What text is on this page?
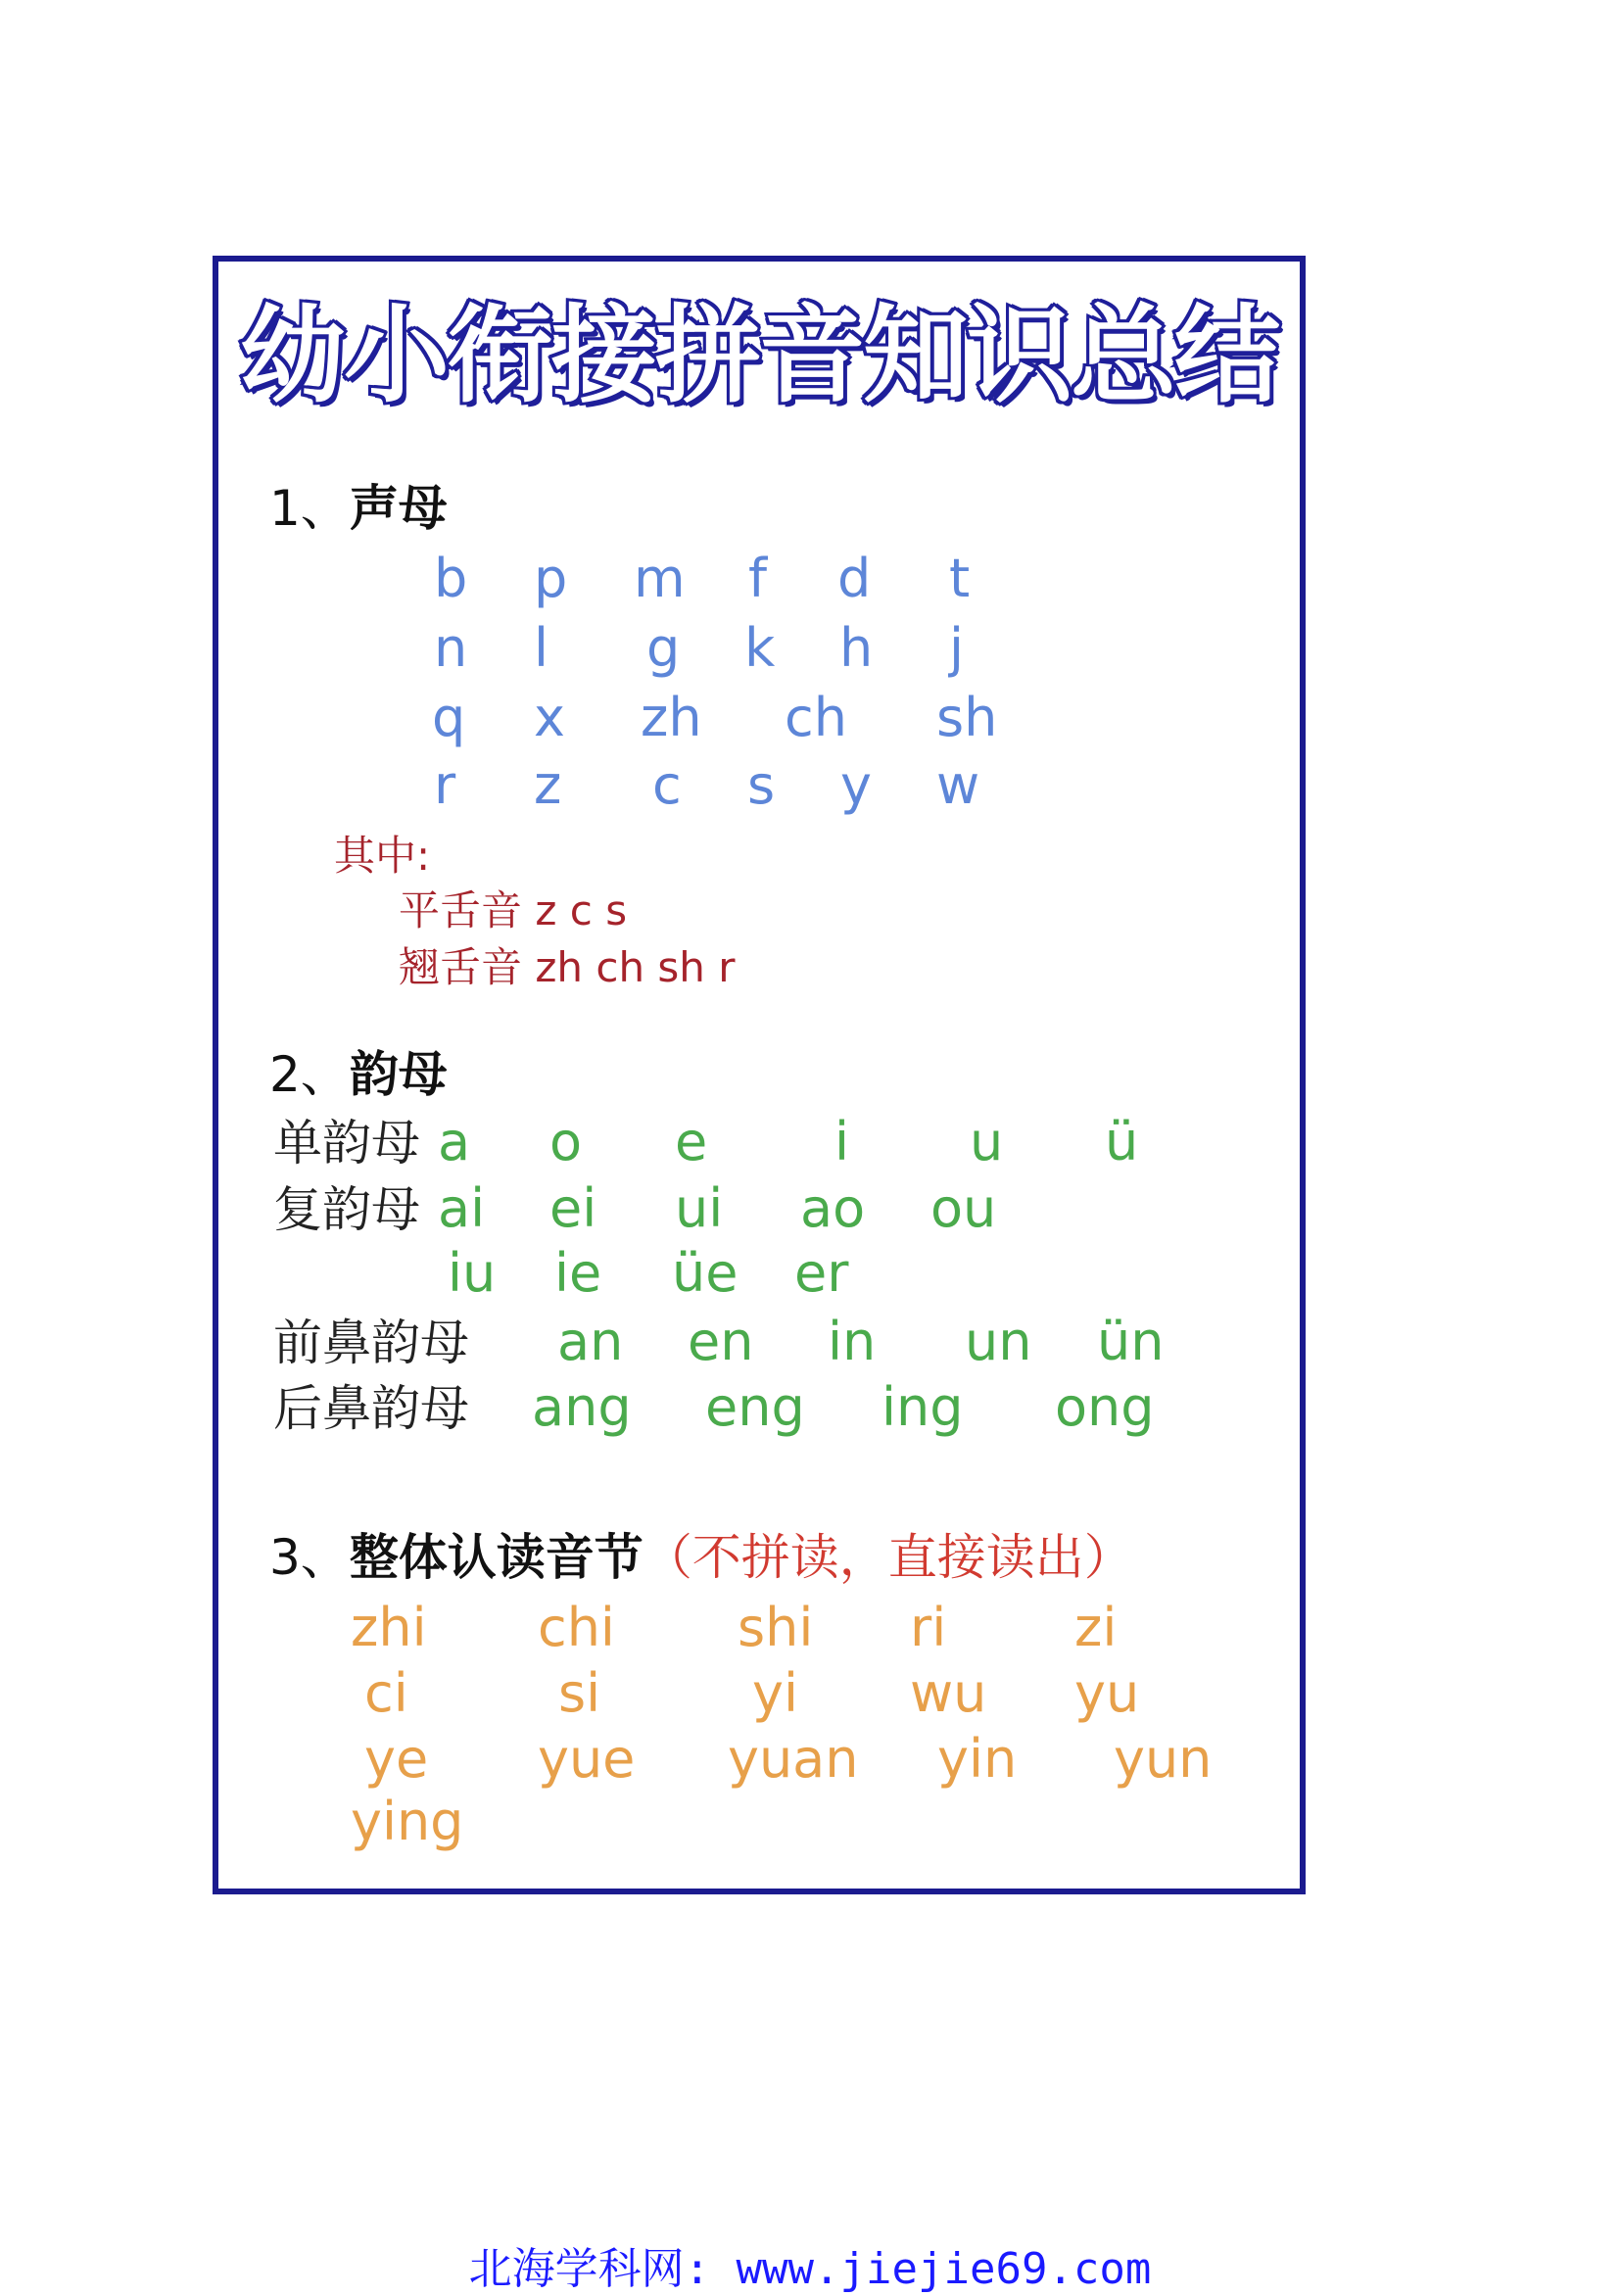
幼小衔接拼音知识总结
1、声母
b p m f d t
n l g k h j
q x zh ch sh
r z c s y w
其中:
平舌音 z c s
翘舌音 zh ch sh r
2、韵母
单韵母 a o e i u ü
复韵母 ai ei ui ao ou
iu ie üe er
前鼻韵母 an en in un ün
后鼻韵母 ang eng ing ong
3、整体认读音节（不拼读，直接读出）
zhi chi shi ri zi
ci	si	yi wu yu
ye yue yuan yin yun
ying
北海学科网: www.jiejie69.com
